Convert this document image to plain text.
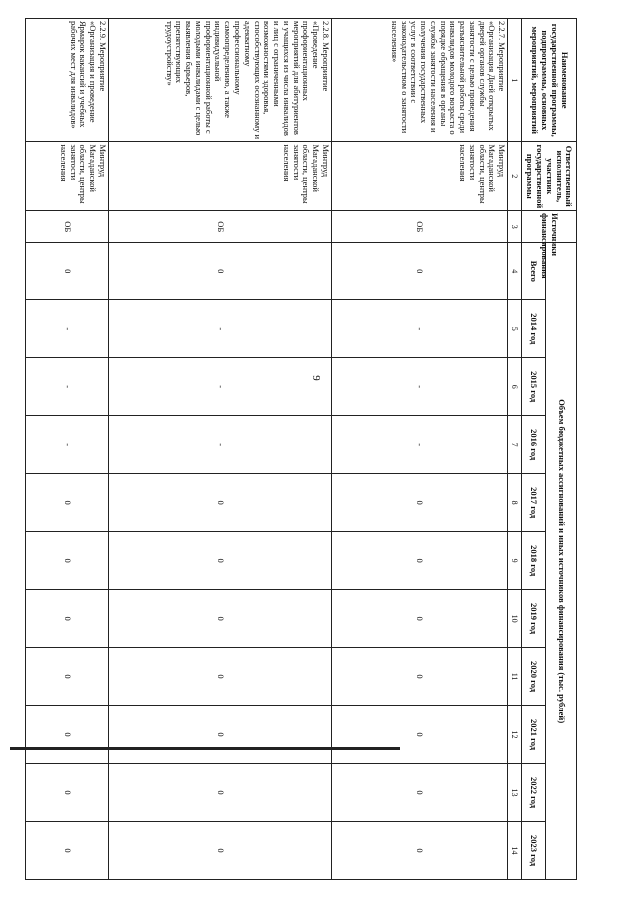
9
Наименование государственной программы, подпрограммы, основных мероприятий, мероприятий	Ответственный исполнитель, участник государственной программы	Источники финансирования	Объем бюджетных ассигнований и иных источников финансирования (тыс. рублей)										
			Всего	2014 год	2015 год	2016 год	2017 год	2018 год	2019 год	2020 год	2021 год	2022 год	2023 год
1	2	3	4	5	6	7	8	9	10	11	12	13	14
2.2.7. Мероприятие «Организация Дней открытых дверей органов службы занятости с целью проведения разъяснительной работы среди инвалидов молодого возраста о порядке обращения в органы службы занятости населения и получения государственных услуг в соответствии с законодательством о занятости населения»	Минтруд Магаданской области, центры занятости населения	ОБ	0	-	-	-	0	0	0	0	0	0	0
2.2.8. Мероприятие «Проведение профориентационных мероприятий для абитуриентов и учащихся из числа инвалидов и лиц с ограниченными возможностями здоровья, способствующих осознанному и адекватному профессиональному самоопределению, а также индивидуальной профориентационной работы с молодыми инвалидами с целью выявления барьеров, препятствующих трудоустройству»	Минтруд Магаданской области, центры занятости населения	ОБ	0	-	-	-	0	0	0	0	0	0	0
2.2.9. Мероприятие «Организация и проведение Ярмарок вакансий и учебных рабочих мест для инвалидов»	Минтруд Магаданской области, центры занятости населения	ОБ	0	-	-	-	0	0	0	0	0	0	0
